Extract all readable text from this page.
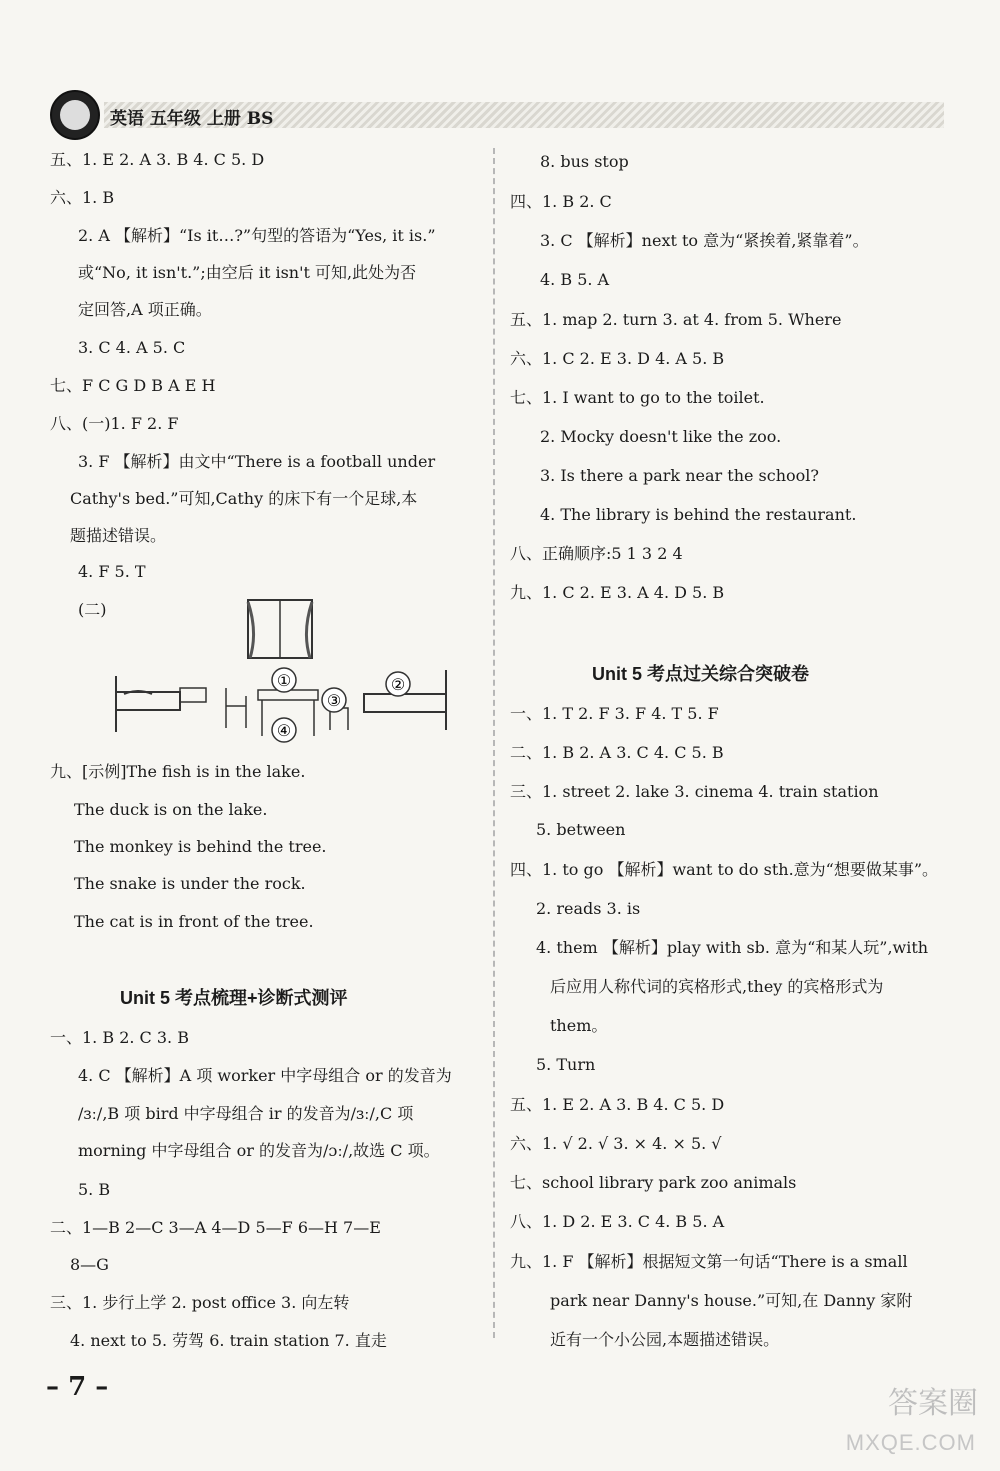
英语 五年级 上册 BS
五、1. E 2. A 3. B 4. C 5. D
六、1. B
2. A 【解析】“Is it…?”句型的答语为“Yes, it is.”
或“No, it isn't.”;由空后 it isn't 可知,此处为否
定回答,A 项正确。
3. C 4. A 5. C
七、F C G D B A E H
八、(一)1. F 2. F
3. F 【解析】由文中“There is a football under
Cathy's bed.”可知,Cathy 的床下有一个足球,本
题描述错误。
4. F 5. T
(二)
九、[示例]The fish is in the lake.
The duck is on the lake.
The monkey is behind the tree.
The snake is under the rock.
The cat is in front of the tree.
Unit 5 考点梳理+诊断式测评
一、1. B 2. C 3. B
4. C 【解析】A 项 worker 中字母组合 or 的发音为
/ɜː/,B 项 bird 中字母组合 ir 的发音为/ɜː/,C 项
morning 中字母组合 or 的发音为/ɔː/,故选 C 项。
5. B
二、1—B 2—C 3—A 4—D 5—F 6—H 7—E
8—G
三、1. 步行上学 2. post office 3. 向左转
4. next to 5. 劳驾 6. train station 7. 直走
8. bus stop
四、1. B 2. C
3. C 【解析】next to 意为“紧挨着,紧靠着”。
4. B 5. A
五、1. map 2. turn 3. at 4. from 5. Where
六、1. C 2. E 3. D 4. A 5. B
七、1. I want to go to the toilet.
2. Mocky doesn't like the zoo.
3. Is there a park near the school?
4. The library is behind the restaurant.
八、正确顺序:5 1 3 2 4
九、1. C 2. E 3. A 4. D 5. B
Unit 5 考点过关综合突破卷
一、1. T 2. F 3. F 4. T 5. F
二、1. B 2. A 3. C 4. C 5. B
三、1. street 2. lake 3. cinema 4. train station
5. between
四、1. to go 【解析】want to do sth.意为“想要做某事”。
2. reads 3. is
4. them 【解析】play with sb. 意为“和某人玩”,with
后应用人称代词的宾格形式,they 的宾格形式为
them。
5. Turn
五、1. E 2. A 3. B 4. C 5. D
六、1. √ 2. √ 3. × 4. × 5. √
七、school library park zoo animals
八、1. D 2. E 3. C 4. B 5. A
九、1. F 【解析】根据短文第一句话“There is a small
park near Danny's house.”可知,在 Danny 家附
近有一个小公园,本题描述错误。
①	②
③
④
– 7 –	答案圈
MXQE.COM
